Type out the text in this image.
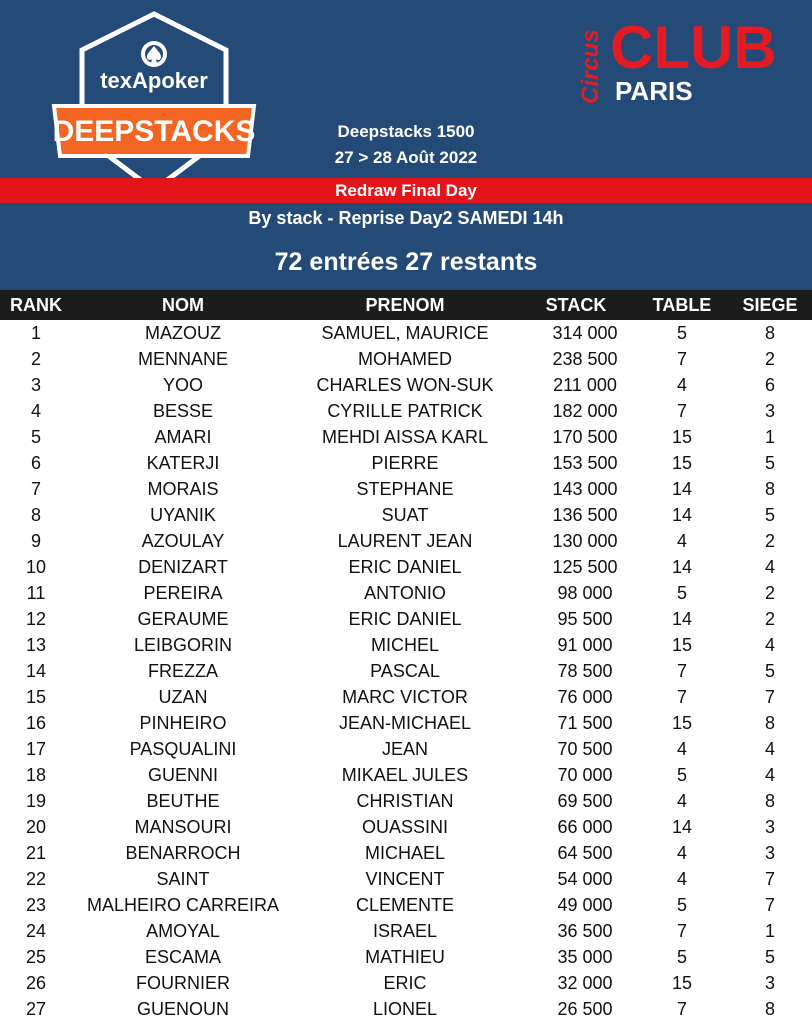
texApoker
DEEPSTACKS
Circus CLUB
PARIS
Deepstacks 1500
27 > 28 Août 2022
Redraw Final Day
By stack - Reprise Day2 SAMEDI 14h
72 entrées 27 restants
RANK	NOM	PRENOM	STACK	TABLE	SIEGE
1	MAZOUZ	SAMUEL, MAURICE	314 000	5	8
2	MENNANE	MOHAMED	238 500	7	2
3	YOO	CHARLES WON-SUK	211 000	4	6
4	BESSE	CYRILLE PATRICK	182 000	7	3
5	AMARI	MEHDI AISSA KARL	170 500	15	1
6	KATERJI	PIERRE	153 500	15	5
7	MORAIS	STEPHANE	143 000	14	8
8	UYANIK	SUAT	136 500	14	5
9	AZOULAY	LAURENT JEAN	130 000	4	2
10	DENIZART	ERIC DANIEL	125 500	14	4
11	PEREIRA	ANTONIO	98 000	5	2
12	GERAUME	ERIC DANIEL	95 500	14	2
13	LEIBGORIN	MICHEL	91 000	15	4
14	FREZZA	PASCAL	78 500	7	5
15	UZAN	MARC VICTOR	76 000	7	7
16	PINHEIRO	JEAN-MICHAEL	71 500	15	8
17	PASQUALINI	JEAN	70 500	4	4
18	GUENNI	MIKAEL JULES	70 000	5	4
19	BEUTHE	CHRISTIAN	69 500	4	8
20	MANSOURI	OUASSINI	66 000	14	3
21	BENARROCH	MICHAEL	64 500	4	3
22	SAINT	VINCENT	54 000	4	7
23	MALHEIRO CARREIRA	CLEMENTE	49 000	5	7
24	AMOYAL	ISRAEL	36 500	7	1
25	ESCAMA	MATHIEU	35 000	5	5
26	FOURNIER	ERIC	32 000	15	3
27	GUENOUN	LIONEL	26 500	7	8
